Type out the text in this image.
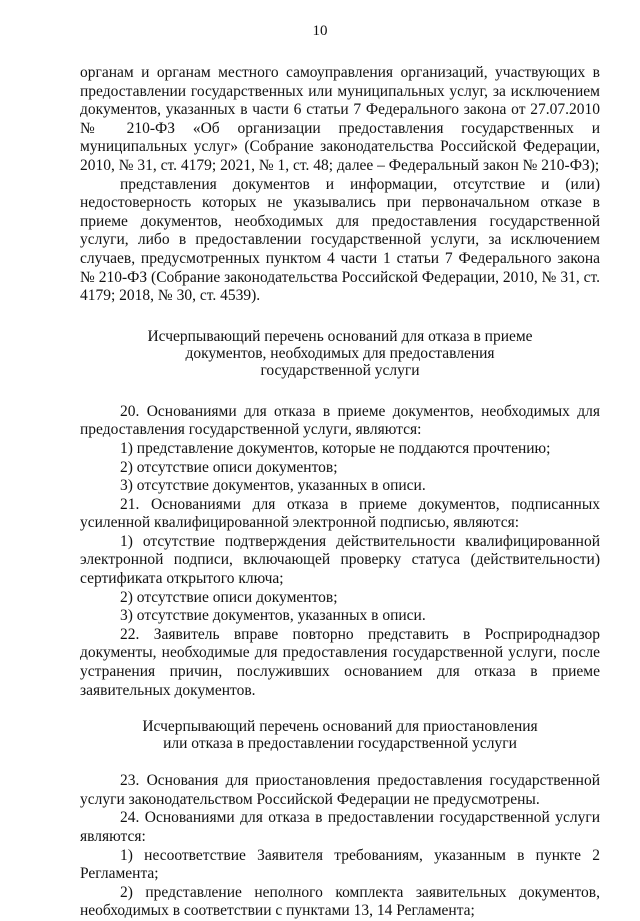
10

органам и органам местного самоуправления организаций, участвующих в предоставлении государственных или муниципальных услуг, за исключением документов, указанных в части 6 статьи 7 Федерального закона от 27.07.2010 № 210-ФЗ «Об организации предоставления государственных и муниципальных услуг» (Собрание законодательства Российской Федерации, 2010, № 31, ст. 4179; 2021, № 1, ст. 48; далее – Федеральный закон № 210-ФЗ);

представления документов и информации, отсутствие и (или) недостоверность которых не указывались при первоначальном отказе в приеме документов, необходимых для предоставления государственной услуги, либо в предоставлении государственной услуги, за исключением случаев, предусмотренных пунктом 4 части 1 статьи 7 Федерального закона № 210-ФЗ (Собрание законодательства Российской Федерации, 2010, № 31, ст. 4179; 2018, № 30, ст. 4539).

Исчерпывающий перечень оснований для отказа в приеме
документов, необходимых для предоставления
государственной услуги

20. Основаниями для отказа в приеме документов, необходимых для предоставления государственной услуги, являются:

1) представление документов, которые не поддаются прочтению;

2) отсутствие описи документов;

3) отсутствие документов, указанных в описи.

21. Основаниями для отказа в приеме документов, подписанных усиленной квалифицированной электронной подписью, являются:

1) отсутствие подтверждения действительности квалифицированной электронной подписи, включающей проверку статуса (действительности) сертификата открытого ключа;

2) отсутствие описи документов;

3) отсутствие документов, указанных в описи.

22. Заявитель вправе повторно представить в Росприроднадзор документы, необходимые для предоставления государственной услуги, после устранения причин, послуживших основанием для отказа в приеме заявительных документов.

Исчерпывающий перечень оснований для приостановления
или отказа в предоставлении государственной услуги

23. Основания для приостановления предоставления государственной услуги законодательством Российской Федерации не предусмотрены.

24. Основаниями для отказа в предоставлении государственной услуги являются:

1) несоответствие Заявителя требованиям, указанным в пункте 2 Регламента;

2) представление неполного комплекта заявительных документов, необходимых в соответствии с пунктами 13, 14 Регламента;
